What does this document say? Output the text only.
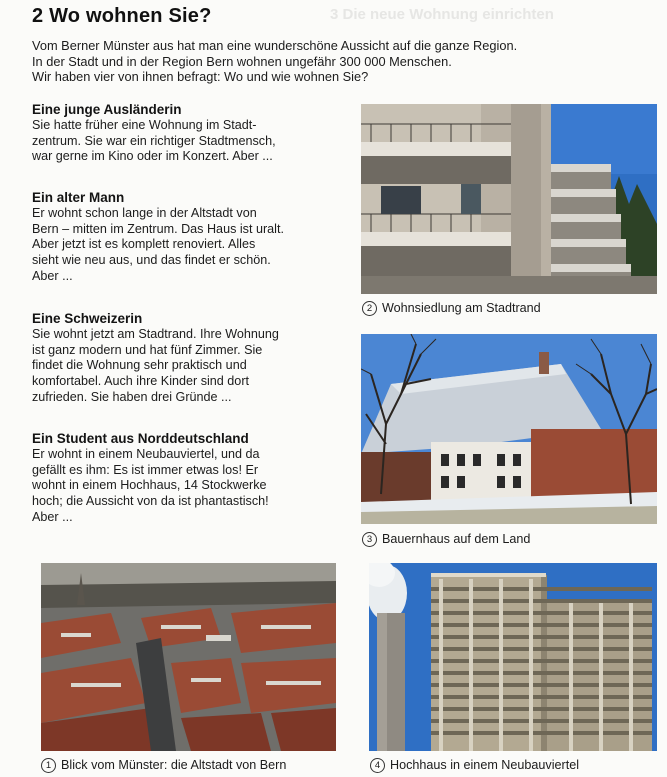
3 Die neue Wohnung einrichten
2 Wo wohnen Sie?
Vom Berner Münster aus hat man eine wunderschöne Aussicht auf die ganze Region.
In der Stadt und in der Region Bern wohnen ungefähr 300 000 Menschen.
Wir haben vier von ihnen befragt: Wo und wie wohnen Sie?
Eine junge Ausländerin
Sie hatte früher eine Wohnung im Stadt-
zentrum. Sie war ein richtiger Stadtmensch,
war gerne im Kino oder im Konzert. Aber ...
Ein alter Mann
Er wohnt schon lange in der Altstadt von
Bern – mitten im Zentrum. Das Haus ist uralt.
Aber jetzt ist es komplett renoviert. Alles
sieht wie neu aus, und das findet er schön.
Aber ...
Eine Schweizerin
Sie wohnt jetzt am Stadtrand. Ihre Wohnung
ist ganz modern und hat fünf Zimmer. Sie
findet die Wohnung sehr praktisch und
komfortabel. Auch ihre Kinder sind dort
zufrieden. Sie haben drei Gründe ...
Ein Student aus Norddeutschland
Er wohnt in einem Neubauviertel, und da
gefällt es ihm: Es ist immer etwas los! Er
wohnt in einem Hochhaus, 14 Stockwerke
hoch; die Aussicht von da ist phantastisch!
Aber ...
2 Wohnsiedlung am Stadtrand
3 Bauernhaus auf dem Land
1 Blick vom Münster: die Altstadt von Bern	4 Hochhaus in einem Neubauviertel
